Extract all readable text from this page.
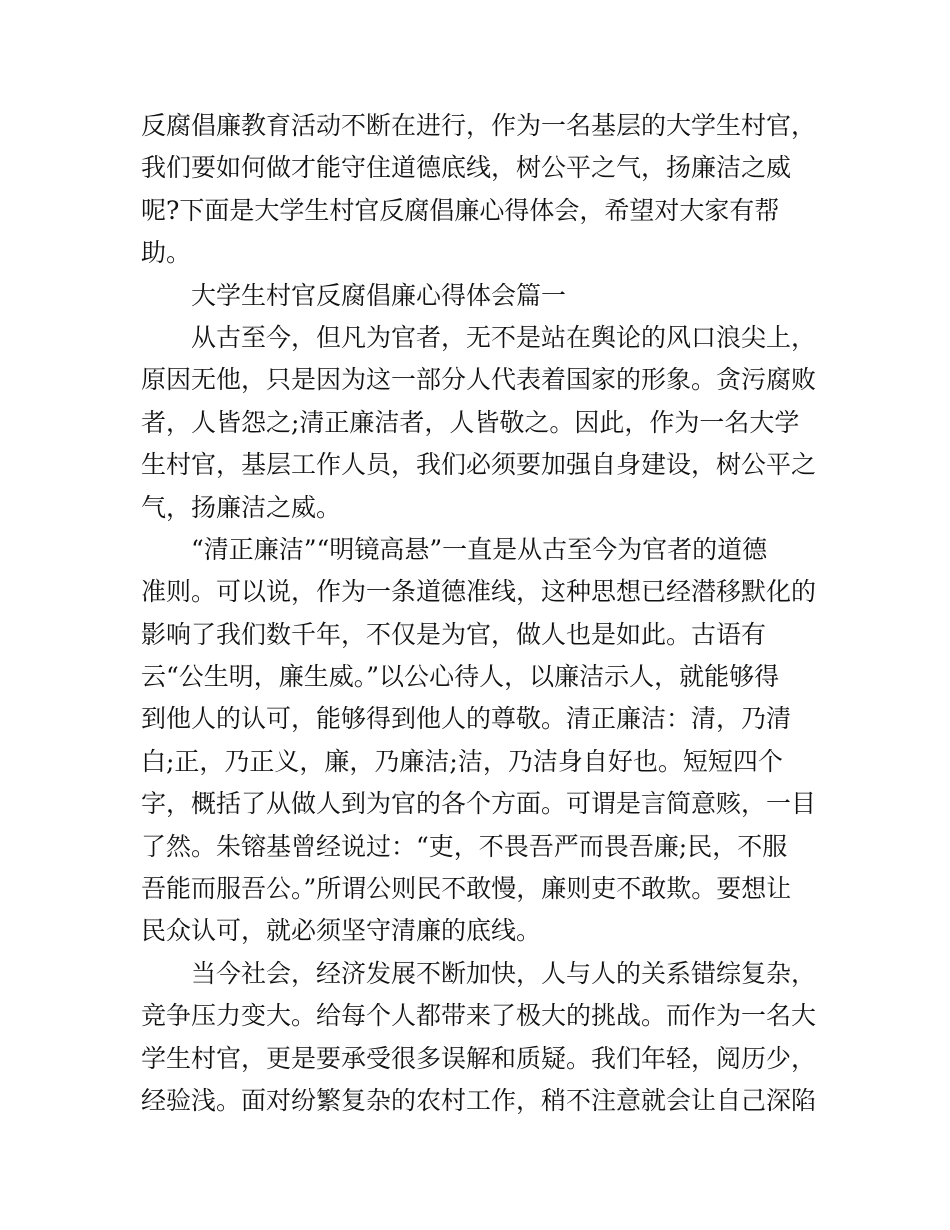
反腐倡廉教育活动不断在进行，作为一名基层的大学生村官，
我们要如何做才能守住道德底线，树公平之气，扬廉洁之威
呢?下面是大学生村官反腐倡廉心得体会，希望对大家有帮
助。
大学生村官反腐倡廉心得体会篇一
从古至今，但凡为官者，无不是站在舆论的风口浪尖上，
原因无他，只是因为这一部分人代表着国家的形象。贪污腐败
者，人皆怨之;清正廉洁者，人皆敬之。因此，作为一名大学
生村官，基层工作人员，我们必须要加强自身建设，树公平之
气，扬廉洁之威。
“清正廉洁”“明镜高悬”一直是从古至今为官者的道德
准则。可以说，作为一条道德准线，这种思想已经潜移默化的
影响了我们数千年，不仅是为官，做人也是如此。古语有
云“公生明，廉生威。”以公心待人，以廉洁示人，就能够得
到他人的认可，能够得到他人的尊敬。清正廉洁：清，乃清
白;正，乃正义，廉，乃廉洁;洁，乃洁身自好也。短短四个
字，概括了从做人到为官的各个方面。可谓是言简意赅，一目
了然。朱镕基曾经说过：“吏，不畏吾严而畏吾廉;民，不服
吾能而服吾公。”所谓公则民不敢慢，廉则吏不敢欺。要想让
民众认可，就必须坚守清廉的底线。
当今社会，经济发展不断加快，人与人的关系错综复杂，
竞争压力变大。给每个人都带来了极大的挑战。而作为一名大
学生村官，更是要承受很多误解和质疑。我们年轻，阅历少，
经验浅。面对纷繁复杂的农村工作，稍不注意就会让自己深陷
